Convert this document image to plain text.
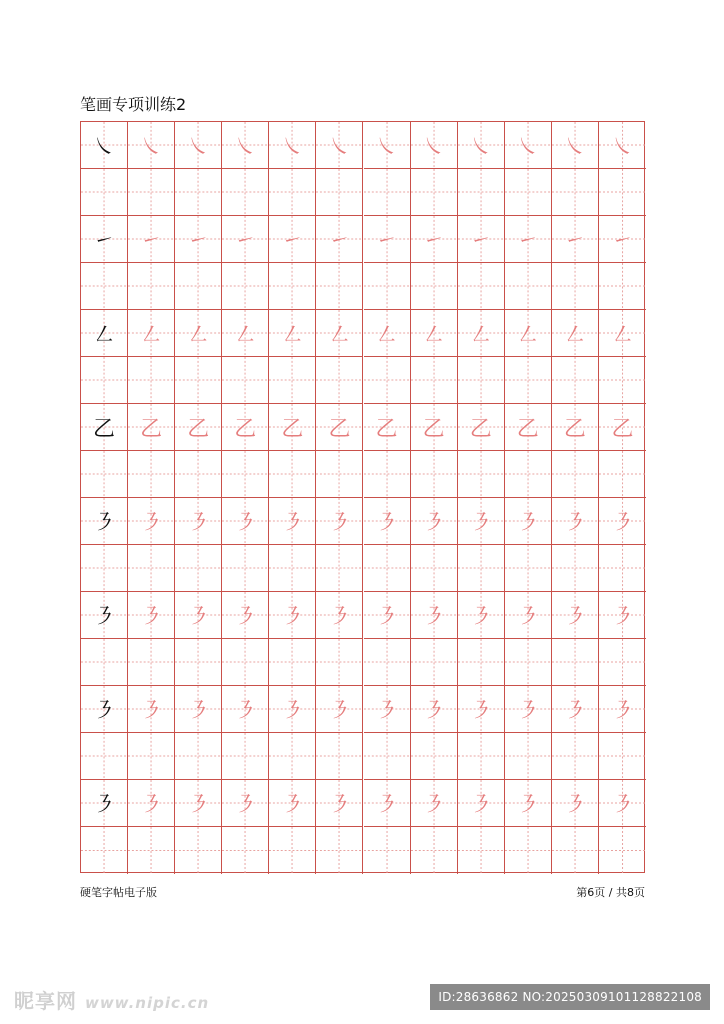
笔画专项训练2
㇏	㇏	㇏	㇏	㇏	㇏	㇏	㇏	㇏	㇏	㇏	㇏
㇀	㇀	㇀	㇀	㇀	㇀	㇀	㇀	㇀	㇀	㇀	㇀
㇜	㇜	㇜	㇜	㇜	㇜	㇜	㇜	㇜	㇜	㇜	㇜
乙	乙	乙	乙	乙	乙	乙	乙	乙	乙	乙	乙
㇋	㇋	㇋	㇋	㇋	㇋	㇋	㇋	㇋	㇋	㇋	㇋
㇋	㇋	㇋	㇋	㇋	㇋	㇋	㇋	㇋	㇋	㇋	㇋
㇋	㇋	㇋	㇋	㇋	㇋	㇋	㇋	㇋	㇋	㇋	㇋
㇋	㇋	㇋	㇋	㇋	㇋	㇋	㇋	㇋	㇋	㇋	㇋
硬笔字帖电子版	第6页 / 共8页
昵享网 www.nipic.cn	ID:28636862 NO:20250309101128822108
